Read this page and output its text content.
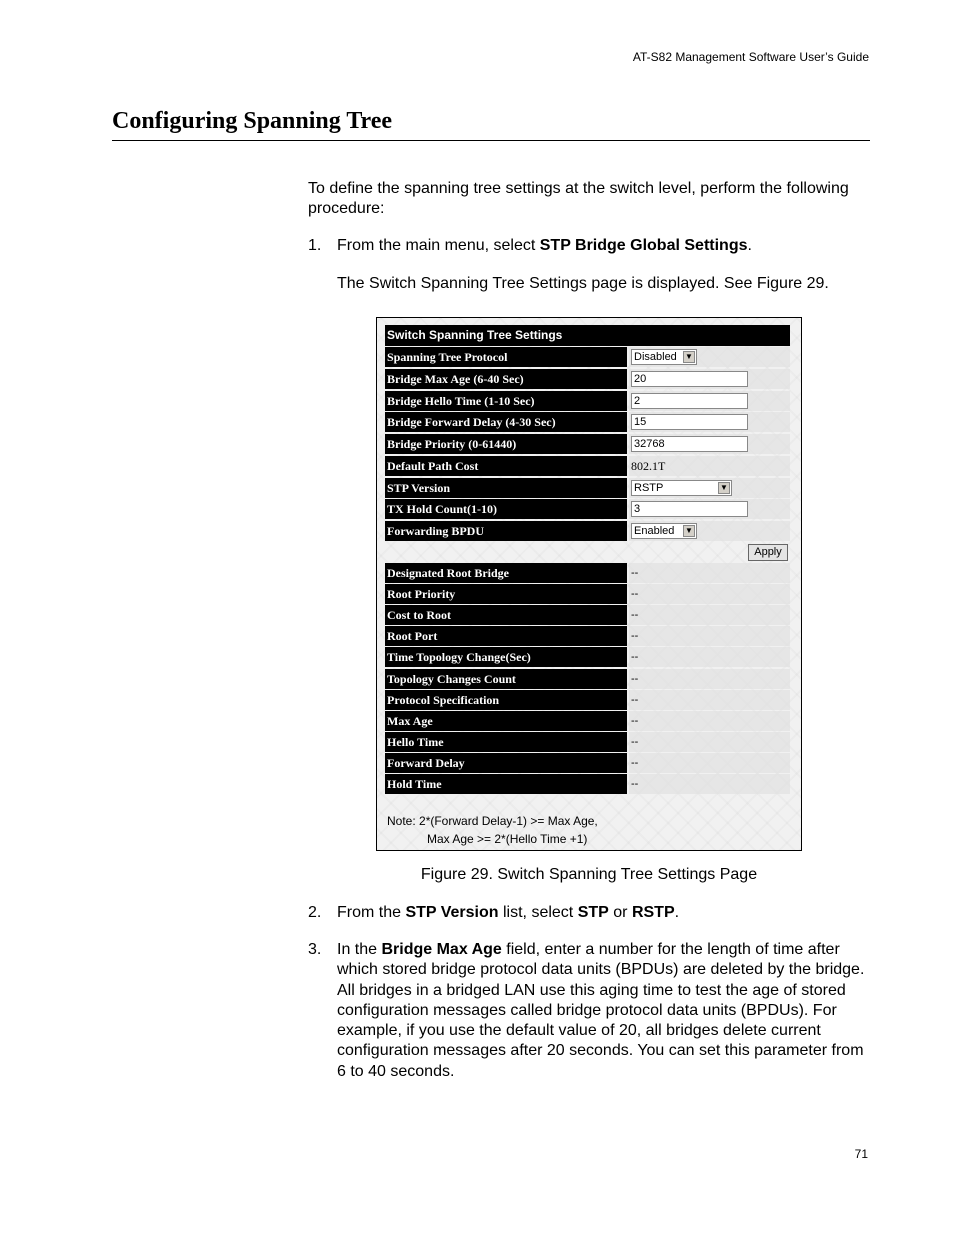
AT-S82 Management Software User’s Guide
Configuring Spanning Tree

To define the spanning tree settings at the switch level, perform the following procedure:

1. From the main menu, select STP Bridge Global Settings.

The Switch Spanning Tree Settings page is displayed. See Figure 29.

Switch Spanning Tree Settings
Spanning Tree Protocol	Disabled ▼
Bridge Max Age (6-40 Sec)	20
Bridge Hello Time (1-10 Sec)	2
Bridge Forward Delay (4-30 Sec)	15
Bridge Priority (0-61440)	32768
Default Path Cost	802.1T
STP Version	RSTP	▼
TX Hold Count(1-10)	3
Forwarding BPDU	Enabled ▼
Apply
Designated Root Bridge	--
Root Priority	--
Cost to Root	--
Root Port	--
Time Topology Change(Sec)	--
Topology Changes Count	--
Protocol Specification	--
Max Age	--
Hello Time	--
Forward Delay	--
Hold Time	--
Note: 2*(Forward Delay-1) >= Max Age,
Max Age >= 2*(Hello Time +1)
Figure 29. Switch Spanning Tree Settings Page
2. From the STP Version list, select STP or RSTP.
3. In the Bridge Max Age field, enter a number for the length of time after which stored bridge protocol data units (BPDUs) are deleted by the bridge. All bridges in a bridged LAN use this aging time to test the age of stored configuration messages called bridge protocol data units (BPDUs). For example, if you use the default value of 20, all bridges delete current configuration messages after 20 seconds. You can set this parameter from 6 to 40 seconds.
71
